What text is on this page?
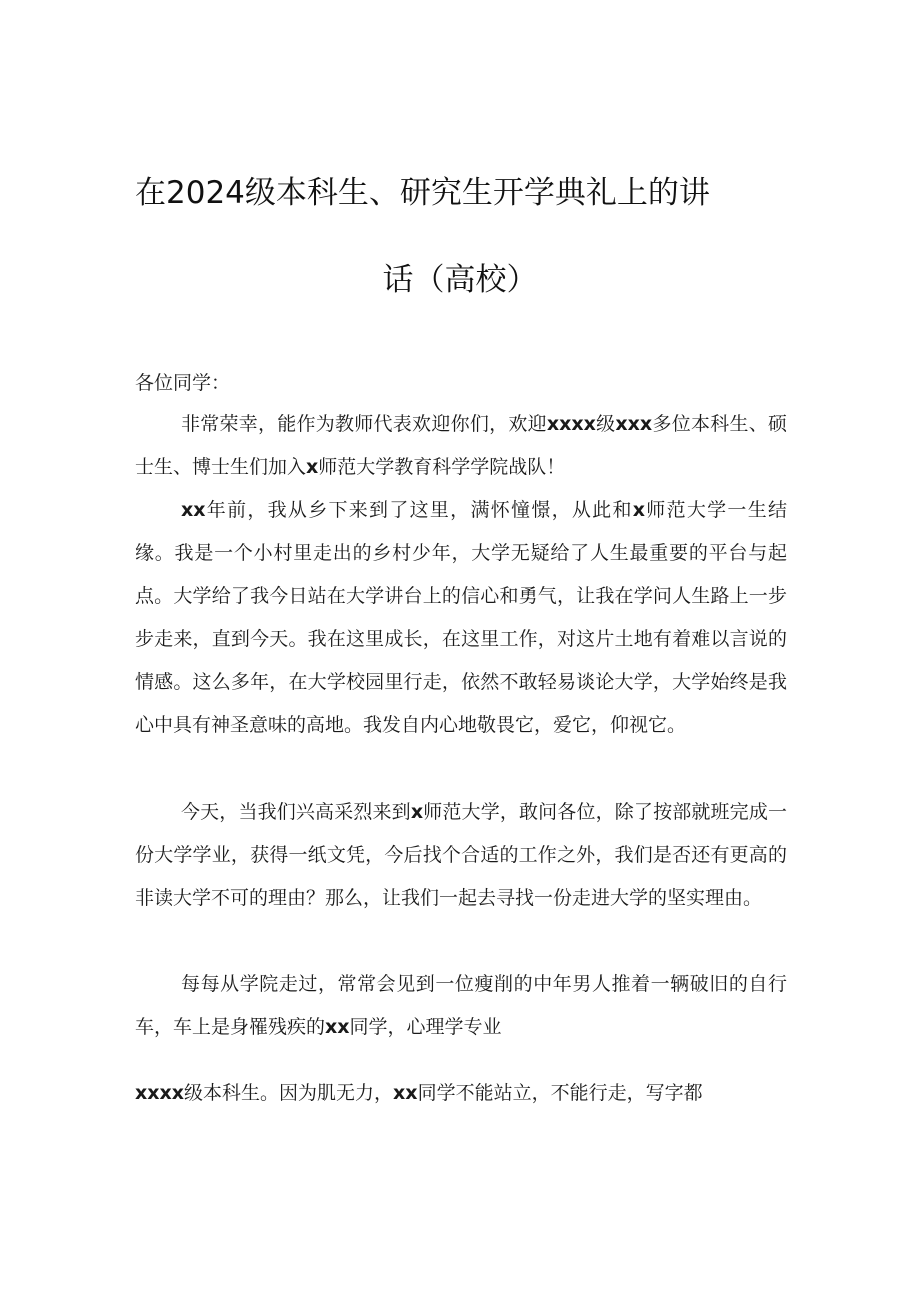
在2024级本科生、研究生开学典礼上的讲
话（高校）
各位同学：

非常荣幸，能作为教师代表欢迎你们，欢迎xxxx级xxx多位本科生、硕士生、博士生们加入x师范大学教育科学学院战队！

xx年前，我从乡下来到了这里，满怀憧憬，从此和x师范大学一生结缘。我是一个小村里走出的乡村少年，大学无疑给了人生最重要的平台与起点。大学给了我今日站在大学讲台上的信心和勇气，让我在学问人生路上一步步走来，直到今天。我在这里成长，在这里工作，对这片土地有着难以言说的情感。这么多年，在大学校园里行走，依然不敢轻易谈论大学，大学始终是我心中具有神圣意味的高地。我发自内心地敬畏它，爱它，仰视它。

今天，当我们兴高采烈来到x师范大学，敢问各位，除了按部就班完成一份大学学业，获得一纸文凭，今后找个合适的工作之外，我们是否还有更高的非读大学不可的理由？那么，让我们一起去寻找一份走进大学的坚实理由。

每每从学院走过，常常会见到一位瘦削的中年男人推着一辆破旧的自行车，车上是身罹残疾的xx同学，心理学专业

xxxx级本科生。因为肌无力，xx同学不能站立，不能行走，写字都
